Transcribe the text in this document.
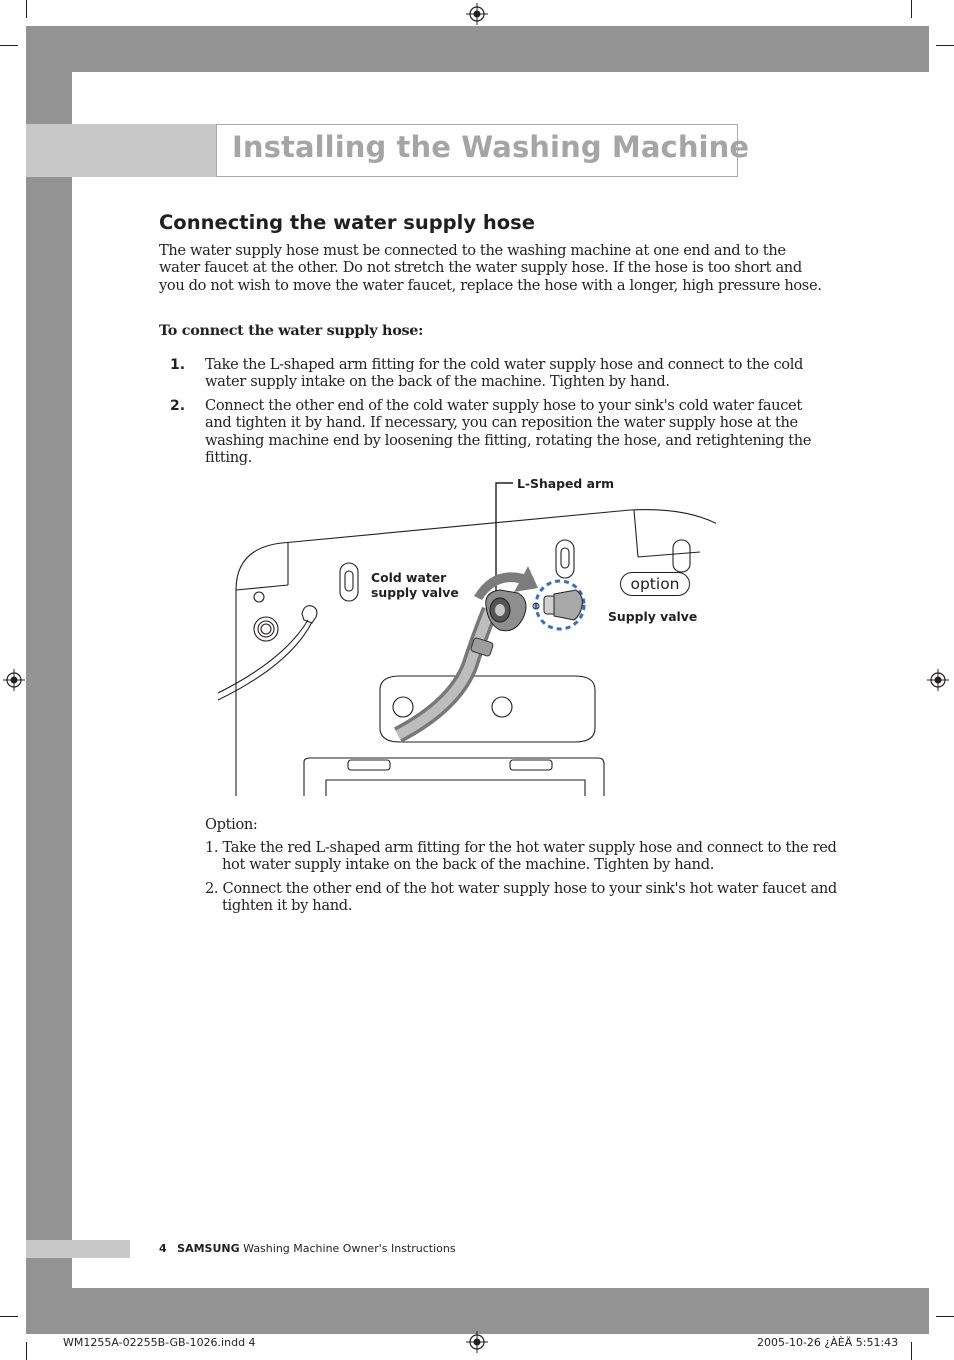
Installing the Washing Machine
Connecting the water supply hose
The water supply hose must be connected to the washing machine at one end and to the water faucet at the other. Do not stretch the water supply hose. If the hose is too short and you do not wish to move the water faucet, replace the hose with a longer, high pressure hose.
To connect the water supply hose:
1. Take the L-shaped arm fitting for the cold water supply hose and connect to the cold water supply intake on the back of the machine. Tighten by hand.
2. Connect the other end of the cold water supply hose to your sink's cold water faucet and tighten it by hand. If necessary, you can reposition the water supply hose at the washing machine end by loosening the fitting, rotating the hose, and retightening the fitting.
L-Shaped arm
Cold water supply valve	option
Supply valve
Option:
1. Take the red L-shaped arm fitting for the hot water supply hose and connect to the red hot water supply intake on the back of the machine. Tighten by hand.
2. Connect the other end of the hot water supply hose to your sink's hot water faucet and tighten it by hand.
4 SAMSUNG Washing Machine Owner's Instructions
WM1255A-02255B-GB-1026.indd 4	2005-10-26 ¿ÀÈÄ 5:51:43
